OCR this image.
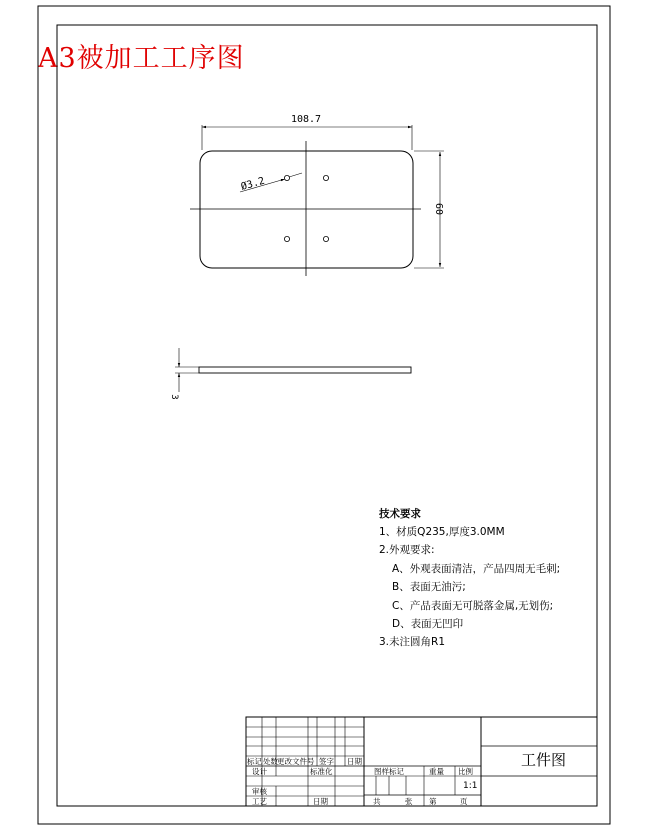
A3被加工工序图
108.7
60
Ø3.2
3
技术要求
1、材质Q235,厚度3.0MM
2.外观要求:
A、外观表面清洁，产品四周无毛刺;
B、表面无油污;
C、产品表面无可脱落金属,无划伤;
D、表面无凹印
3.未注圆角R1
标记 处数 更改文件号 签字 日期
设计	标准化
审核
工艺	日期
图样标记	重量 比例
1:1
共	张 第	页
工件图
